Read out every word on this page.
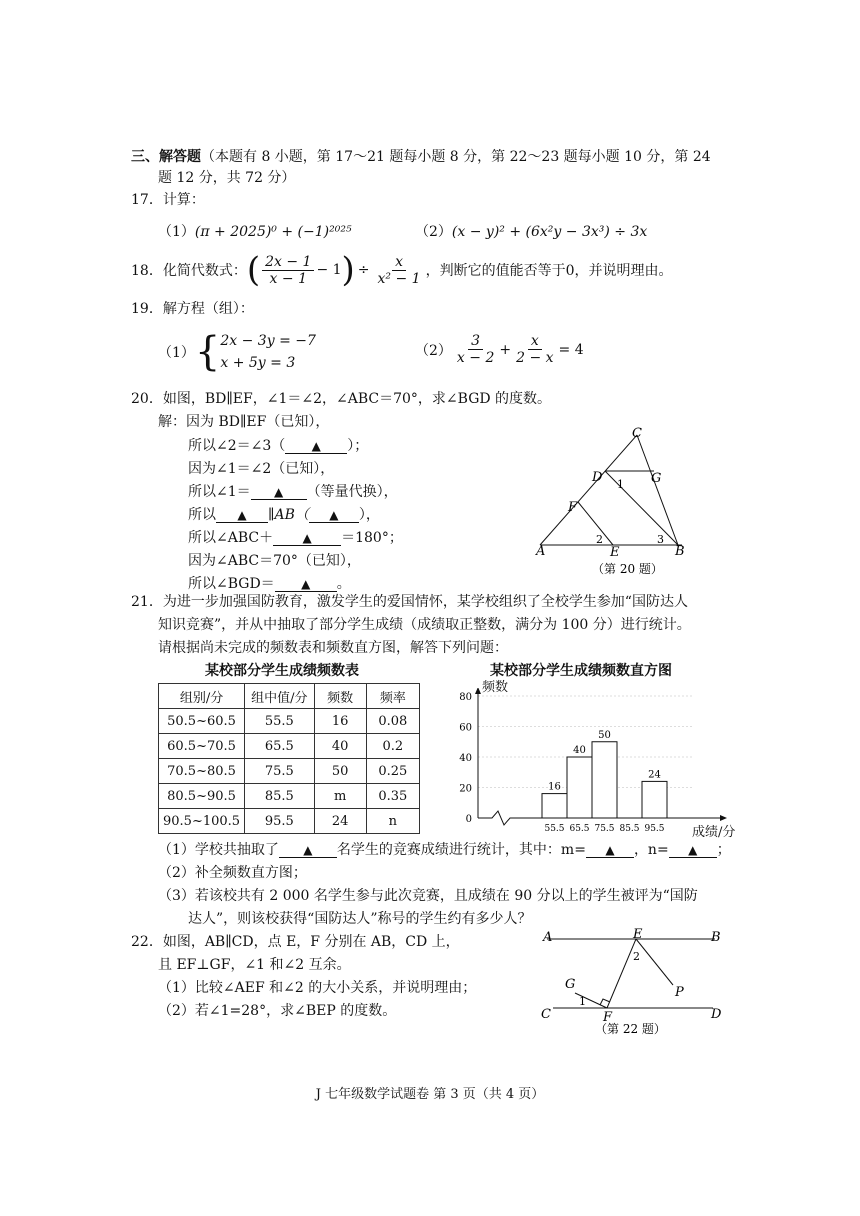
三、解答题（本题有 8 小题，第 17～21 题每小题 8 分，第 22～23 题每小题 10 分，第 24
题 12 分，共 72 分）
17．计算：
（1）(π + 2025)⁰ + (−1)²⁰²⁵	（2）(x − y)² + (6x²y − 3x³) ÷ 3x
18．化简代数式： ( $\frac{2x - 1}{x - 1} - 1$ ) ÷ $\frac{x}{\text{x² − 1}}$ ，判断它的值能否等于0，并说明理由。
19．解方程（组）：
（1） { 2x − 3y = −7
x + 5y = 3
$(2) \frac{3}{x - 2} + \frac{x}{2 - x} = 4$
20．如图，BD∥EF，∠1＝∠2，∠ABC＝70°，求∠BGD 的度数。
解：因为 BD∥EF（已知），
所以∠2＝∠3（ ▲ ）；
因为∠1＝∠2（已知），
所以∠1＝ ▲ （等量代换），
所以 ▲ ∥AB（ ▲ ），
所以∠ABC＋ ▲ ＝180°；
因为∠ABC＝70°（已知），
所以∠BGD＝ ▲ 。
C
D	G
F
A	E	B
1
2	3
（第 20 题）
21．为进一步加强国防教育，激发学生的爱国情怀，某学校组织了全校学生参加“国防达人
知识竞赛”，并从中抽取了部分学生成绩（成绩取正整数，满分为 100 分）进行统计。
请根据尚未完成的频数表和频数直方图，解答下列问题：
某校部分学生成绩频数表
组别/分	组中值/分	频数	频率
50.5~60.5	55.5	16	0.08
60.5~70.5	65.5	40	0.2
70.5~80.5	75.5	50	0.25
80.5~90.5	85.5	m	0.35
90.5~100.5	95.5	24	n
某校部分学生成绩频数直方图
频数
0
20
40
60
80
55.5
16
65.5
40
75.5
50
85.5 95.5
24
成绩/分
（1）学校共抽取了 ▲ 名学生的竞赛成绩进行统计，其中：m= ▲ ，n= ▲ ；
（2）补全频数直方图；
（3）若该校共有 2 000 名学生参与此次竞赛，且成绩在 90 分以上的学生被评为“国防
达人”，则该校获得“国防达人”称号的学生约有多少人？
22．如图，AB∥CD，点 E，F 分别在 AB，CD 上，
且 EF⊥GF，∠1 和∠2 互余。
（1）比较∠AEF 和∠2 的大小关系，并说明理由；
（2）若∠1=28°，求∠BEP 的度数。
A	E	B
2
P
G
1
C	F	D
（第 22 题）
J 七年级数学试题卷 第 3 页（共 4 页）
